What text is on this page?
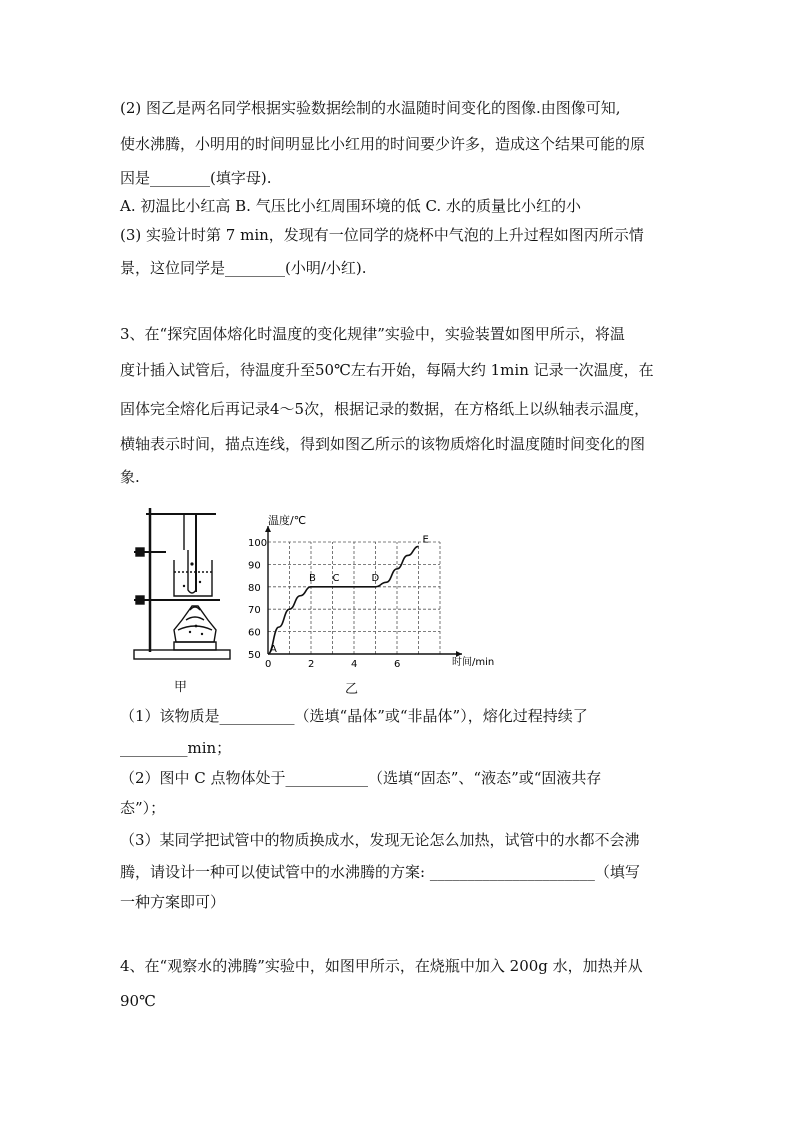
(2) 图乙是两名同学根据实验数据绘制的水温随时间变化的图像.由图像可知,
使水沸腾，小明用的时间明显比小红用的时间要少许多，造成这个结果可能的原
因是________(填字母).
A. 初温比小红高 B. 气压比小红周围环境的低 C. 水的质量比小红的小
(3) 实验计时第 7 min，发现有一位同学的烧杯中气泡的上升过程如图丙所示情
景，这位同学是________(小明/小红).
3、在“探究固体熔化时温度的变化规律”实验中，实验装置如图甲所示，将温
度计插入试管后，待温度升至50℃左右开始，每隔大约 1min 记录一次温度，在
固体完全熔化后再记录4～5次，根据记录的数据，在方格纸上以纵轴表示温度，
横轴表示时间，描点连线，得到如图乙所示的该物质熔化时温度随时间变化的图
象.
甲
0	2	4	6
50
60
70
80
90
100
A
B C	D
E
温度/℃
时间/min
乙
（1）该物质是__________（选填“晶体”或“非晶体”），熔化过程持续了
_________min；
（2）图中 C 点物体处于___________（选填“固态”、“液态”或“固液共存
态”）；
（3）某同学把试管中的物质换成水，发现无论怎么加热，试管中的水都不会沸
腾，请设计一种可以使试管中的水沸腾的方案: ______________________（填写
一种方案即可）
4、在“观察水的沸腾”实验中，如图甲所示，在烧瓶中加入 200g 水，加热并从
90℃
